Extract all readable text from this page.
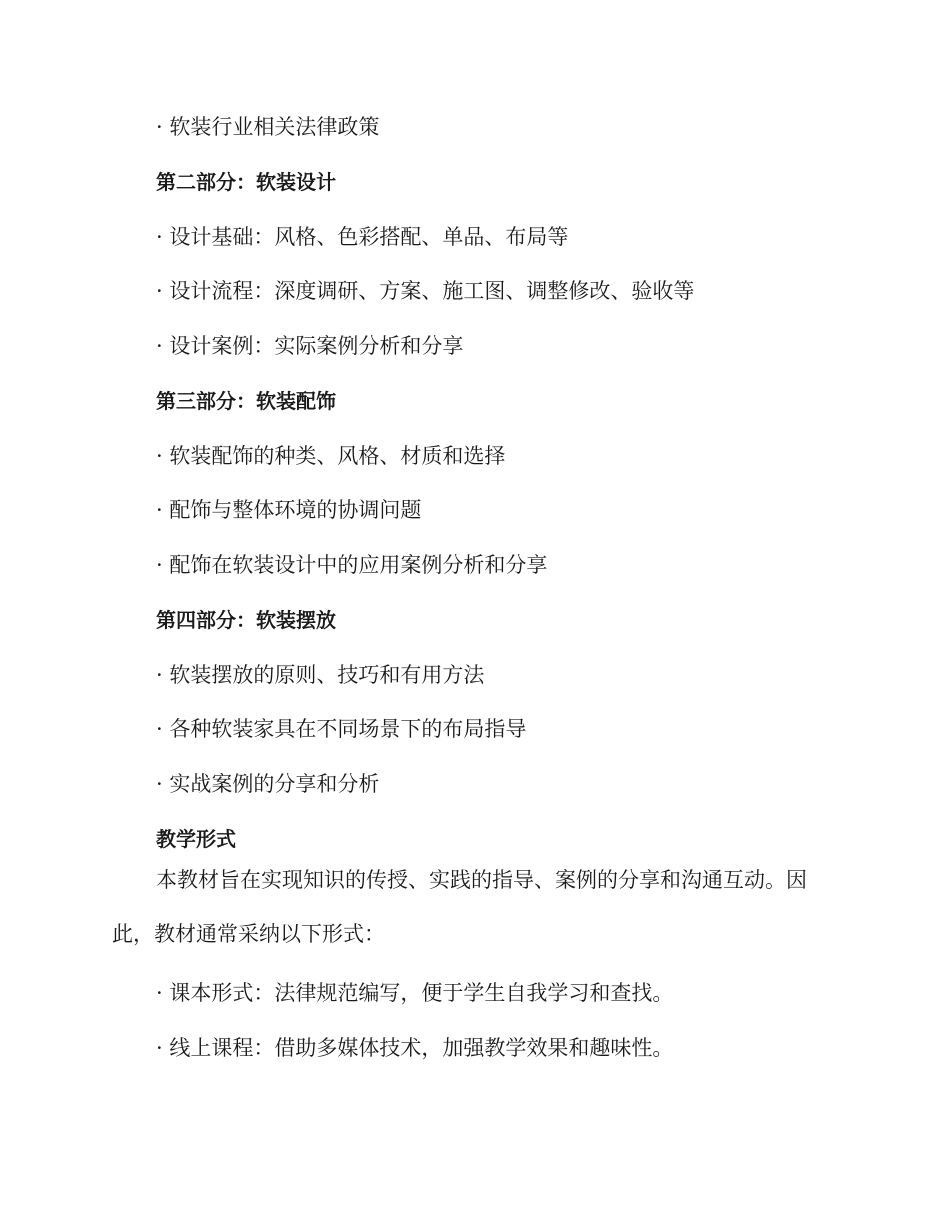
· 软装行业相关法律政策
第二部分：软装设计
· 设计基础：风格、色彩搭配、单品、布局等
· 设计流程：深度调研、方案、施工图、调整修改、验收等
· 设计案例：实际案例分析和分享
第三部分：软装配饰
· 软装配饰的种类、风格、材质和选择
· 配饰与整体环境的协调问题
· 配饰在软装设计中的应用案例分析和分享
第四部分：软装摆放
· 软装摆放的原则、技巧和有用方法
· 各种软装家具在不同场景下的布局指导
· 实战案例的分享和分析
教学形式

本教材旨在实现知识的传授、实践的指导、案例的分享和沟通互动。因此，教材通常采纳以下形式：

· 课本形式：法律规范编写，便于学生自我学习和查找。
· 线上课程：借助多媒体技术，加强教学效果和趣味性。
